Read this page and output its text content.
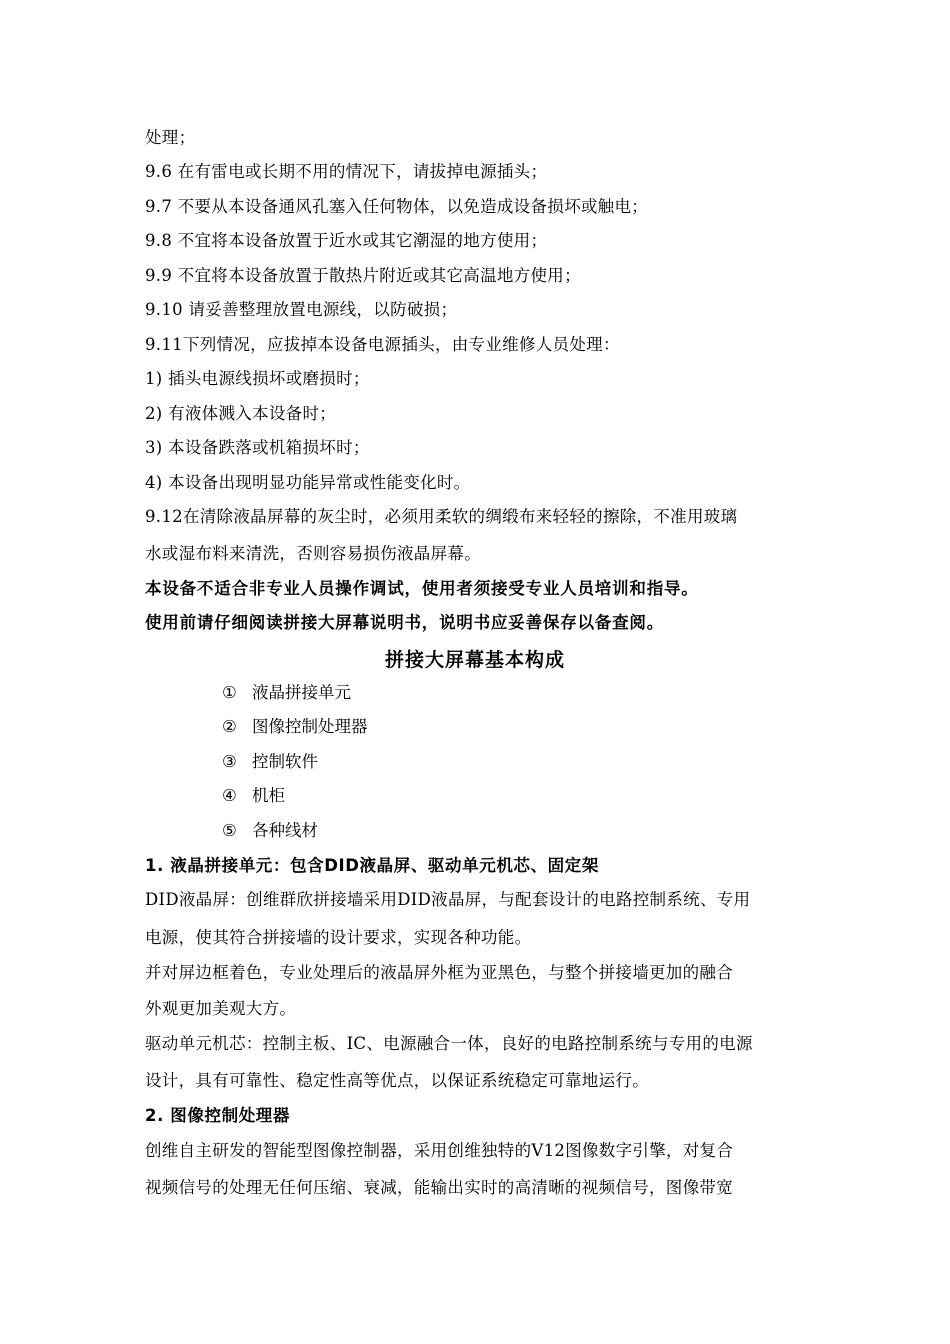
处理；
9.6 在有雷电或长期不用的情况下，请拔掉电源插头；
9.7 不要从本设备通风孔塞入任何物体，以免造成设备损坏或触电；
9.8 不宜将本设备放置于近水或其它潮湿的地方使用；
9.9 不宜将本设备放置于散热片附近或其它高温地方使用；
9.10 请妥善整理放置电源线，以防破损；
9.11下列情况，应拔掉本设备电源插头，由专业维修人员处理：
1) 插头电源线损坏或磨损时；
2) 有液体溅入本设备时；
3) 本设备跌落或机箱损坏时；
4) 本设备出现明显功能异常或性能变化时。
9.12在清除液晶屏幕的灰尘时，必须用柔软的绸缎布来轻轻的擦除，不准用玻璃
水或湿布料来清洗，否则容易损伤液晶屏幕。
本设备不适合非专业人员操作调试，使用者须接受专业人员培训和指导。
使用前请仔细阅读拼接大屏幕说明书，说明书应妥善保存以备查阅。
拼接大屏幕基本构成
① 液晶拼接单元
② 图像控制处理器
③ 控制软件
④ 机柜
⑤ 各种线材
1. 液晶拼接单元：包含DID液晶屏、驱动单元机芯、固定架
DID液晶屏：创维群欣拼接墙采用DID液晶屏，与配套设计的电路控制系统、专用
电源，使其符合拼接墙的设计要求，实现各种功能。
并对屏边框着色，专业处理后的液晶屏外框为亚黑色，与整个拼接墙更加的融合
外观更加美观大方。
驱动单元机芯：控制主板、IC、电源融合一体，良好的电路控制系统与专用的电源
设计，具有可靠性、稳定性高等优点，以保证系统稳定可靠地运行。
2. 图像控制处理器
创维自主研发的智能型图像控制器，采用创维独特的V12图像数字引擎，对复合
视频信号的处理无任何压缩、衰减，能输出实时的高清晰的视频信号，图像带宽
